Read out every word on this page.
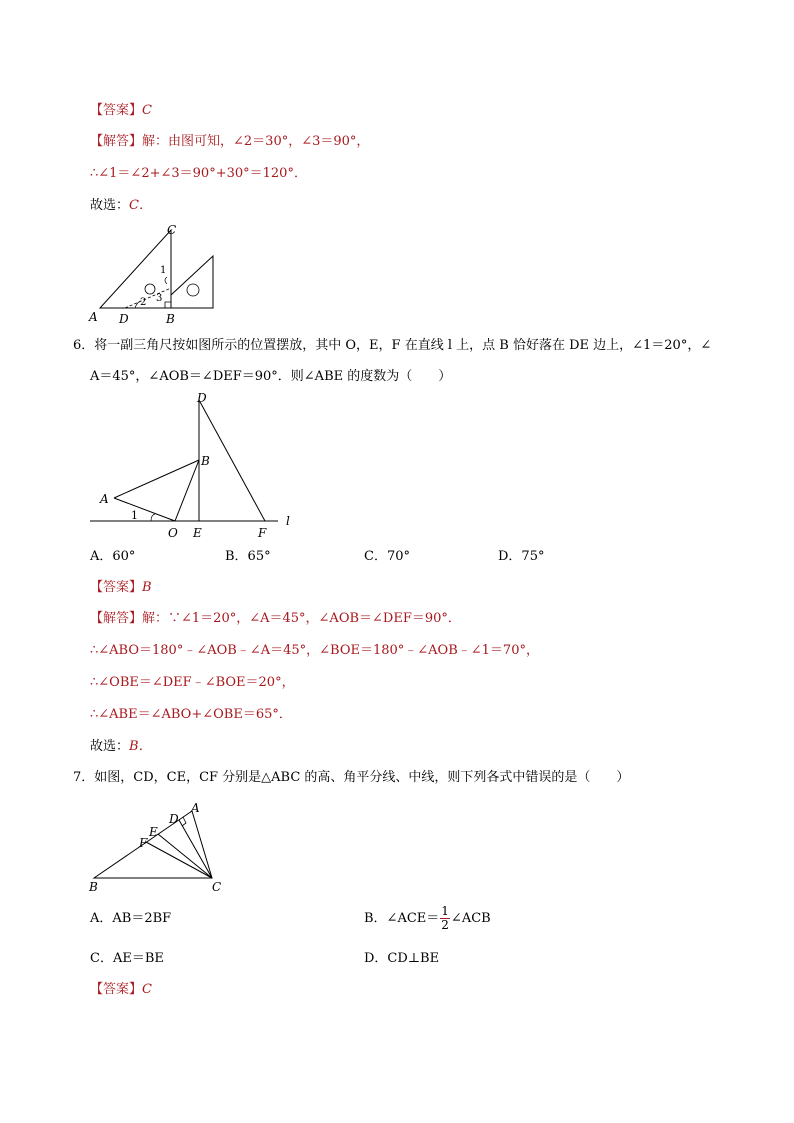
【答案】C
【解答】解：由图可知，∠2＝30°，∠3＝90°，
∴∠1＝∠2+∠3＝90°+30°＝120°．
故选：C．
A D	B
C
1
2 3
6．将一副三角尺按如图所示的位置摆放，其中 O，E，F 在直线 l 上，点 B 恰好落在 DE 边上，∠1＝20°，∠
A＝45°，∠AOB＝∠DEF＝90°．则∠ABE 的度数为（　　）
D
B
A
1
O E	F
l
A．60°	B．65°	C．70°	D．75°
【答案】B
【解答】解：∵∠1＝20°，∠A＝45°，∠AOB＝∠DEF＝90°．
∴∠ABO＝180°﹣∠AOB﹣∠A＝45°，∠BOE＝180°﹣∠AOB﹣∠1＝70°，
∴∠OBE＝∠DEF﹣∠BOE＝20°，
∴∠ABE＝∠ABO+∠OBE＝65°．
故选：B．
7．如图，CD，CE，CF 分别是△ABC 的高、角平分线、中线，则下列各式中错误的是（　　）
A
D
E
F
B	C
A．AB＝2BF	B．∠ACE＝ $\frac{1}{2}$ ∠ACB
C．AE＝BE	D．CD⊥BE
【答案】C
